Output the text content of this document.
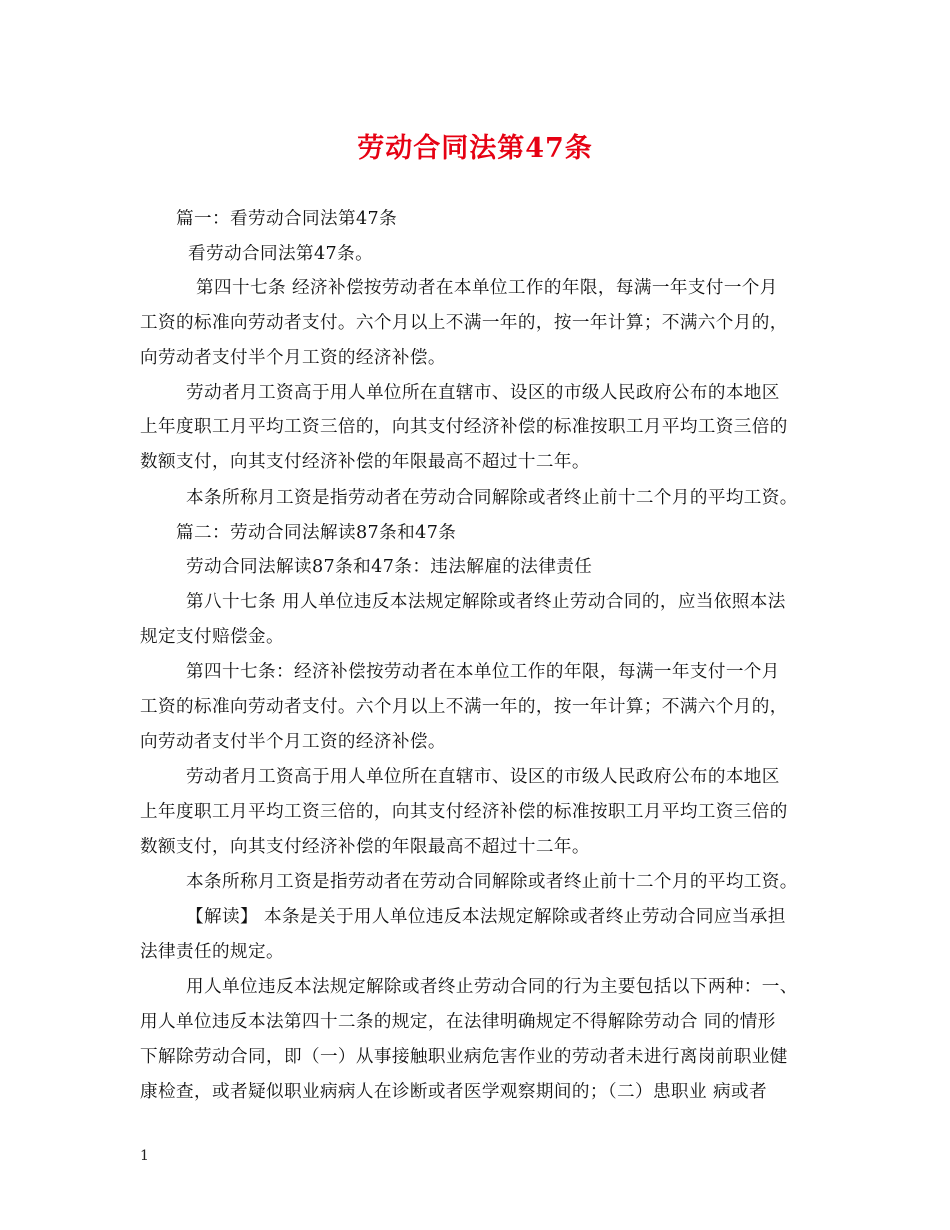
劳动合同法第47条
篇一：看劳动合同法第47条
看劳动合同法第47条。
第四十七条 经济补偿按劳动者在本单位工作的年限，每满一年支付一个月
工资的标准向劳动者支付。六个月以上不满一年的，按一年计算；不满六个月的，
向劳动者支付半个月工资的经济补偿。
劳动者月工资高于用人单位所在直辖市、设区的市级人民政府公布的本地区
上年度职工月平均工资三倍的，向其支付经济补偿的标准按职工月平均工资三倍的
数额支付，向其支付经济补偿的年限最高不超过十二年。
本条所称月工资是指劳动者在劳动合同解除或者终止前十二个月的平均工资。
篇二：劳动合同法解读87条和47条
劳动合同法解读87条和47条：违法解雇的法律责任
第八十七条 用人单位违反本法规定解除或者终止劳动合同的，应当依照本法
规定支付赔偿金。
第四十七条：经济补偿按劳动者在本单位工作的年限，每满一年支付一个月
工资的标准向劳动者支付。六个月以上不满一年的，按一年计算；不满六个月的，
向劳动者支付半个月工资的经济补偿。
劳动者月工资高于用人单位所在直辖市、设区的市级人民政府公布的本地区
上年度职工月平均工资三倍的，向其支付经济补偿的标准按职工月平均工资三倍的
数额支付，向其支付经济补偿的年限最高不超过十二年。
本条所称月工资是指劳动者在劳动合同解除或者终止前十二个月的平均工资。
【解读】 本条是关于用人单位违反本法规定解除或者终止劳动合同应当承担
法律责任的规定。
用人单位违反本法规定解除或者终止劳动合同的行为主要包括以下两种：一、
用人单位违反本法第四十二条的规定，在法律明确规定不得解除劳动合 同的情形
下解除劳动合同，即（一）从事接触职业病危害作业的劳动者未进行离岗前职业健
康检查，或者疑似职业病病人在诊断或者医学观察期间的；（二）患职业 病或者
1
